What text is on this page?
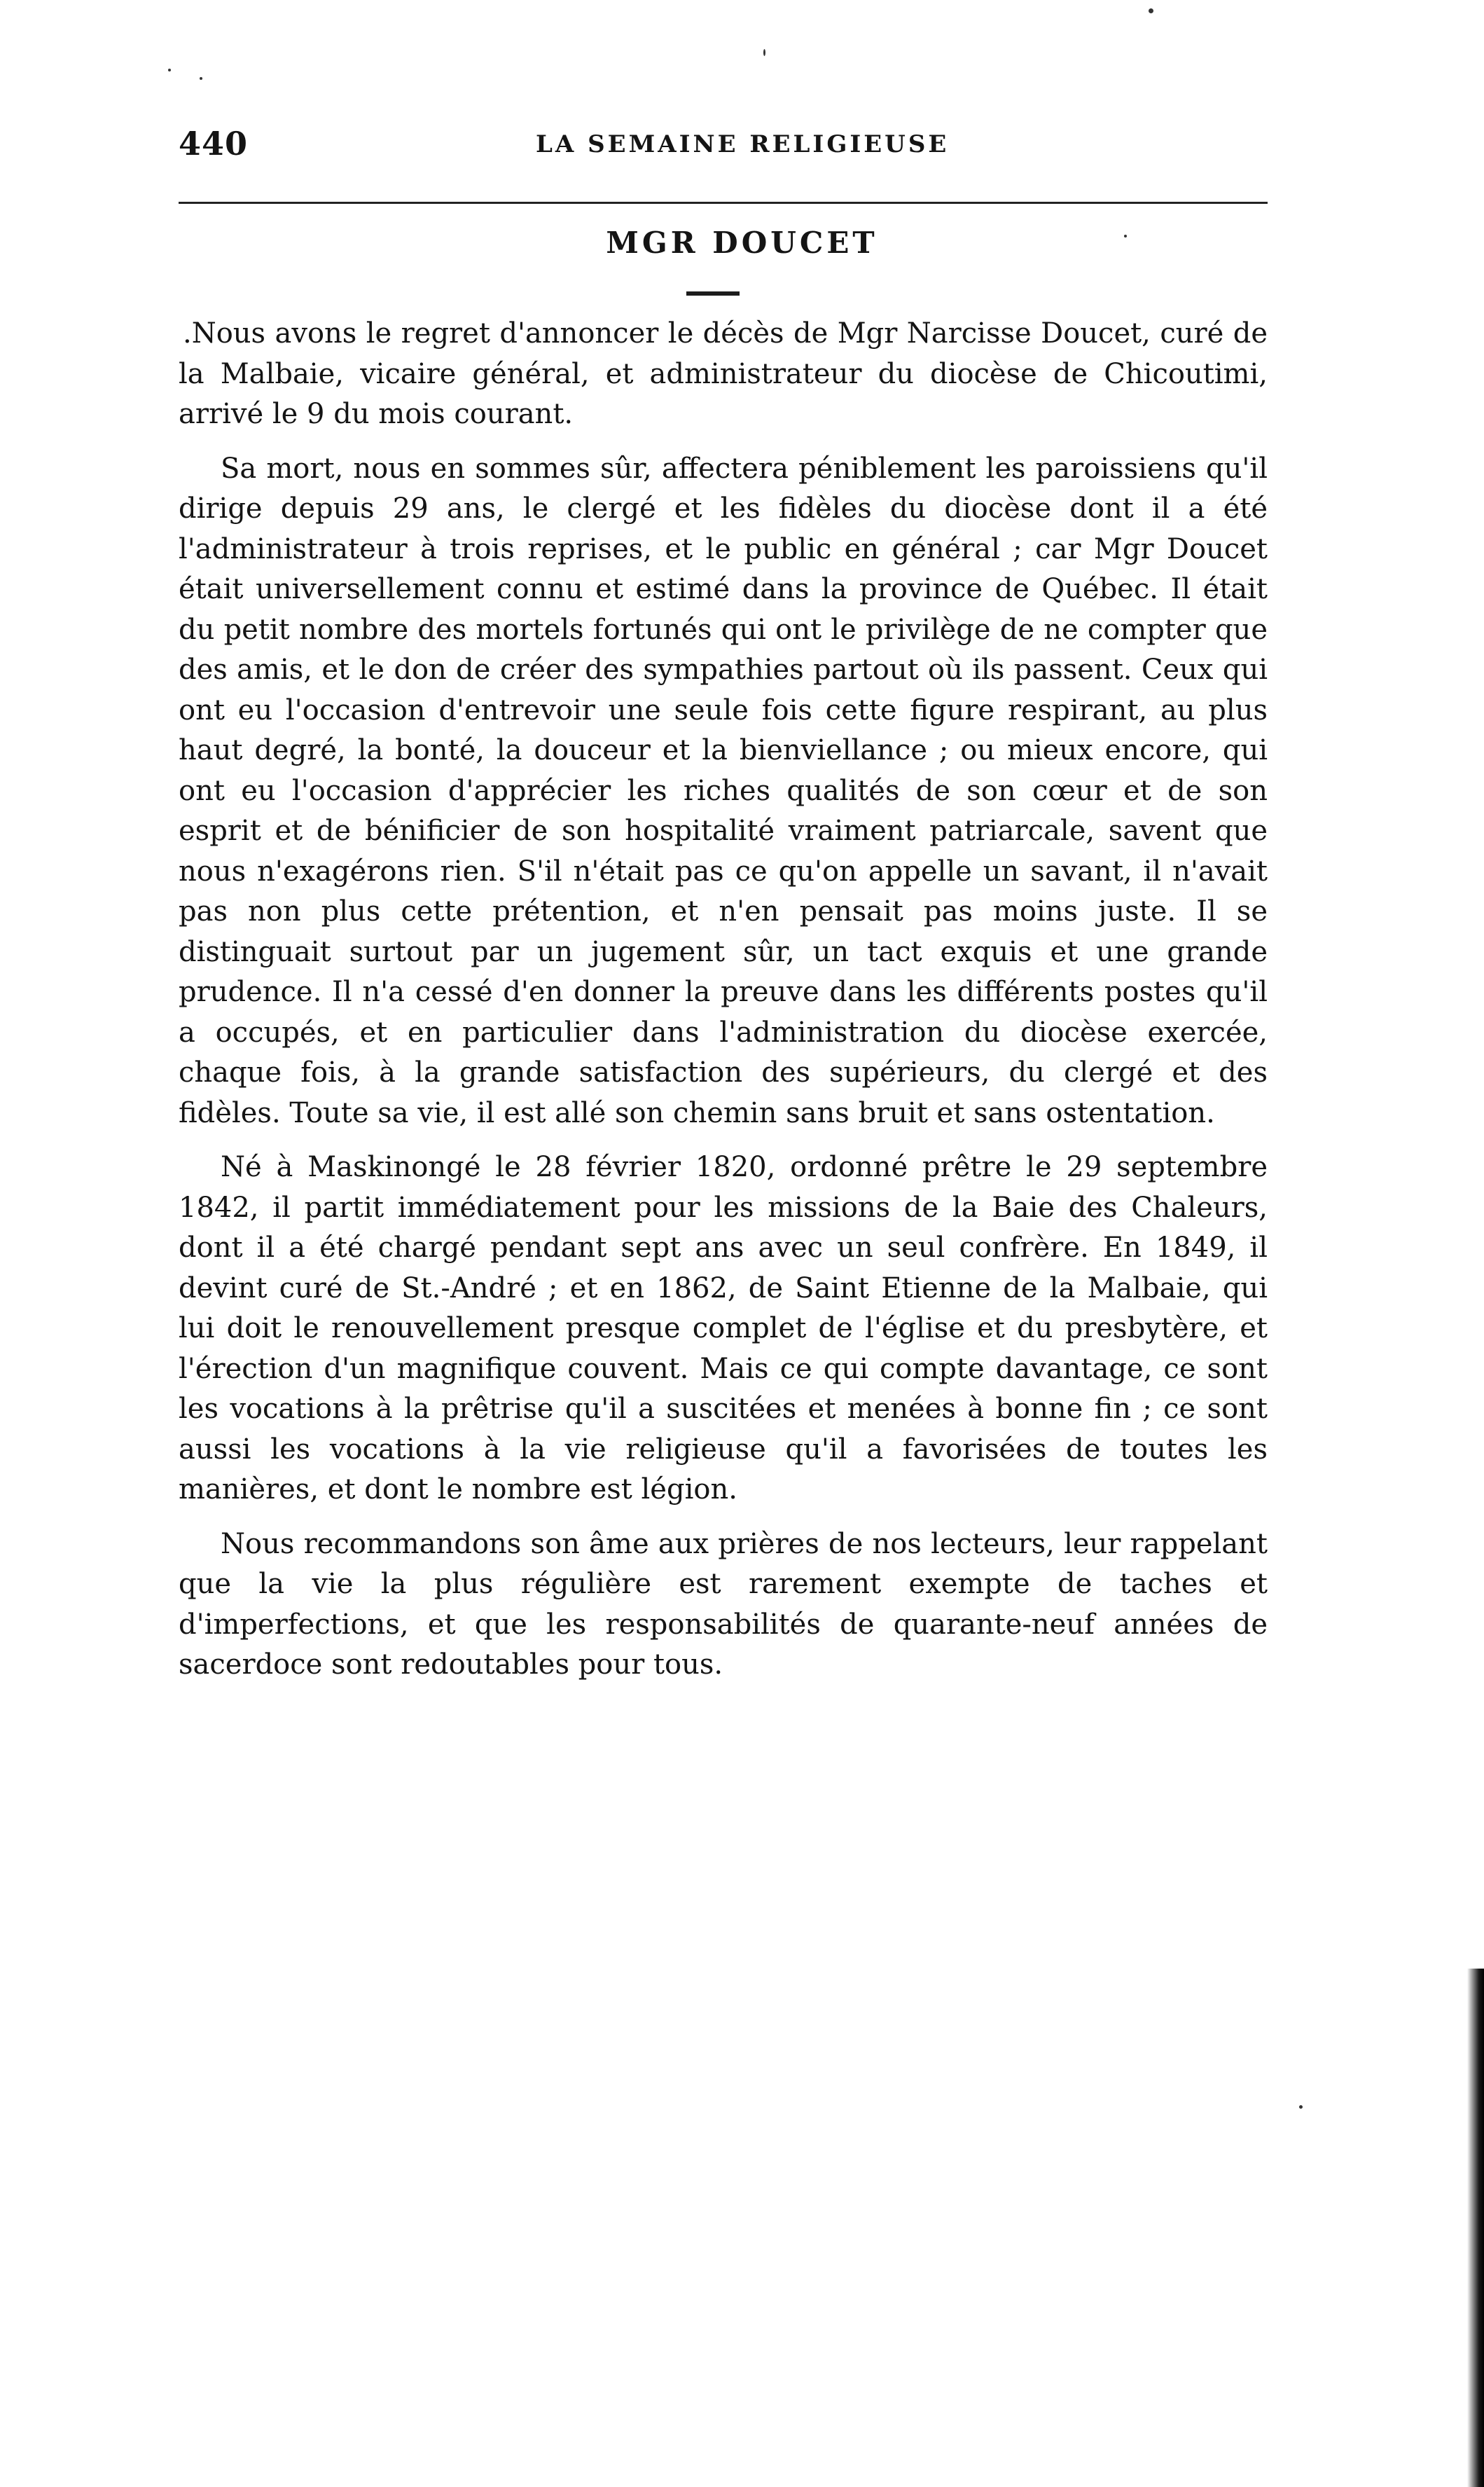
440	LA SEMAINE RELIGIEUSE
MGR DOUCET

.Nous avons le regret d'annoncer le décès de Mgr Narcisse Doucet, curé de la Malbaie, vicaire général, et administrateur du diocèse de Chicoutimi, arrivé le 9 du mois courant.

Sa mort, nous en sommes sûr, affectera péniblement les paroissiens qu'il dirige depuis 29 ans, le clergé et les fidèles du diocèse dont il a été l'administrateur à trois reprises, et le public en général ; car Mgr Doucet était universellement connu et estimé dans la province de Québec. Il était du petit nombre des mortels fortunés qui ont le privilège de ne compter que des amis, et le don de créer des sympathies partout où ils passent. Ceux qui ont eu l'occasion d'entrevoir une seule fois cette figure respirant, au plus haut degré, la bonté, la douceur et la bienviellance ; ou mieux encore, qui ont eu l'occasion d'apprécier les riches qualités de son cœur et de son esprit et de bénificier de son hospitalité vraiment patriarcale, savent que nous n'exagérons rien. S'il n'était pas ce qu'on appelle un savant, il n'avait pas non plus cette prétention, et n'en pensait pas moins juste. Il se distinguait surtout par un jugement sûr, un tact exquis et une grande prudence. Il n'a cessé d'en donner la preuve dans les différents postes qu'il a occupés, et en particulier dans l'administration du diocèse exercée, chaque fois, à la grande satisfaction des supérieurs, du clergé et des fidèles. Toute sa vie, il est allé son chemin sans bruit et sans ostentation.

Né à Maskinongé le 28 février 1820, ordonné prêtre le 29 septembre 1842, il partit immédiatement pour les missions de la Baie des Chaleurs, dont il a été chargé pendant sept ans avec un seul confrère. En 1849, il devint curé de St.-André ; et en 1862, de Saint Etienne de la Malbaie, qui lui doit le renouvellement presque complet de l'église et du presbytère, et l'érection d'un magnifique couvent. Mais ce qui compte davantage, ce sont les vocations à la prêtrise qu'il a suscitées et menées à bonne fin ; ce sont aussi les vocations à la vie religieuse qu'il a favorisées de toutes les manières, et dont le nombre est légion.

Nous recommandons son âme aux prières de nos lecteurs, leur rappelant que la vie la plus régulière est rarement exempte de taches et d'imperfections, et que les responsabilités de quarante-neuf années de sacerdoce sont redoutables pour tous.
